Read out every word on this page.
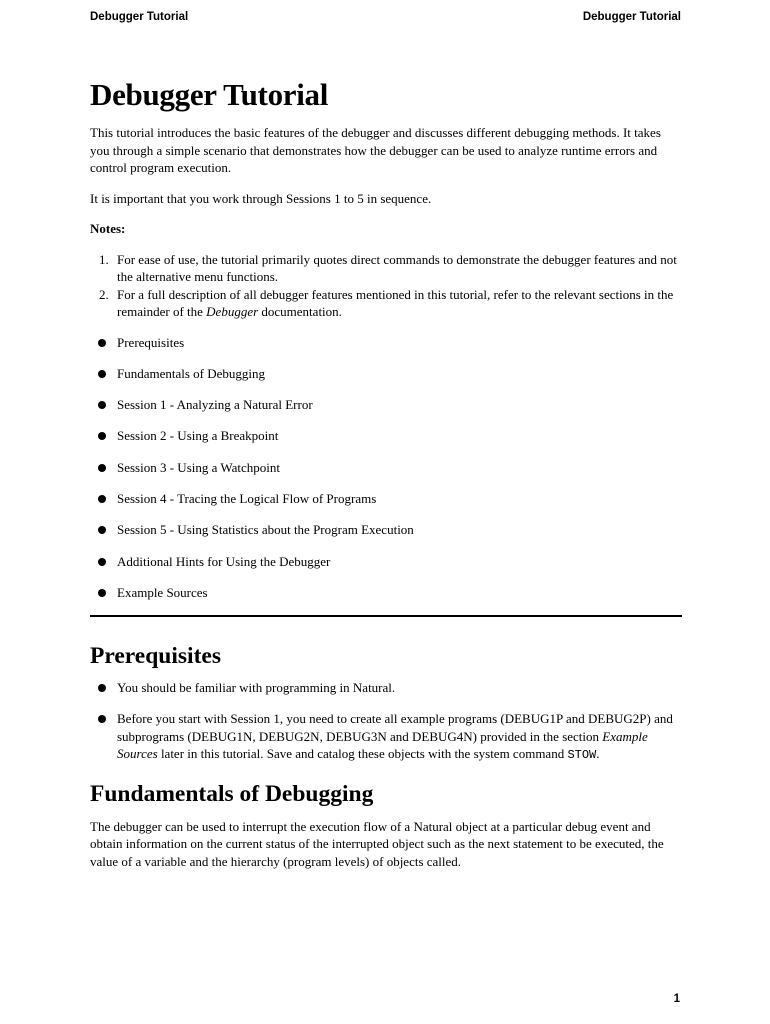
Debugger Tutorial	Debugger Tutorial
Debugger Tutorial

This tutorial introduces the basic features of the debugger and discusses different debugging methods. It takes you through a simple scenario that demonstrates how the debugger can be used to analyze runtime errors and control program execution.

It is important that you work through Sessions 1 to 5 in sequence.

Notes:

1. For ease of use, the tutorial primarily quotes direct commands to demonstrate the debugger features and not the alternative menu functions.
2. For a full description of all debugger features mentioned in this tutorial, refer to the relevant sections in the remainder of the Debugger documentation.
Prerequisites
Fundamentals of Debugging
Session 1 - Analyzing a Natural Error
Session 2 - Using a Breakpoint
Session 3 - Using a Watchpoint
Session 4 - Tracing the Logical Flow of Programs
Session 5 - Using Statistics about the Program Execution
Additional Hints for Using the Debugger
Example Sources
Prerequisites
You should be familiar with programming in Natural.
Before you start with Session 1, you need to create all example programs (DEBUG1P and DEBUG2P) and subprograms (DEBUG1N, DEBUG2N, DEBUG3N and DEBUG4N) provided in the section Example Sources later in this tutorial. Save and catalog these objects with the system command STOW.
Fundamentals of Debugging

The debugger can be used to interrupt the execution flow of a Natural object at a particular debug event and obtain information on the current status of the interrupted object such as the next statement to be executed, the value of a variable and the hierarchy (program levels) of objects called.

1
